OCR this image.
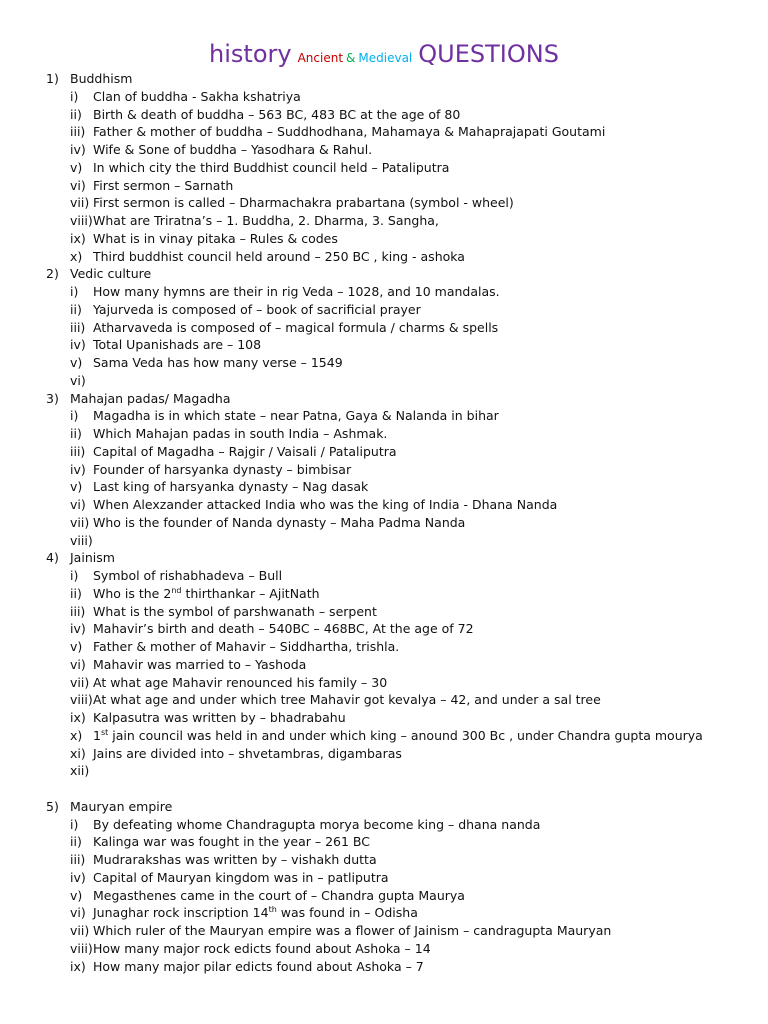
history Ancient & Medieval QUESTIONS
1) Buddhism
i) Clan of buddha - Sakha kshatriya
ii) Birth & death of buddha – 563 BC, 483 BC at the age of 80
iii) Father & mother of buddha – Suddhodhana, Mahamaya & Mahaprajapati Goutami
iv) Wife & Sone of buddha – Yasodhara & Rahul.
v) In which city the third Buddhist council held – Pataliputra
vi) First sermon – Sarnath
vii) First sermon is called – Dharmachakra prabartana (symbol - wheel)
viii) What are Triratna’s – 1. Buddha, 2. Dharma, 3. Sangha,
ix) What is in vinay pitaka – Rules & codes
x) Third buddhist council held around – 250 BC , king - ashoka
2) Vedic culture
i) How many hymns are their in rig Veda – 1028, and 10 mandalas.
ii) Yajurveda is composed of – book of sacrificial prayer
iii) Atharvaveda is composed of – magical formula / charms & spells
iv) Total Upanishads are – 108
v) Sama Veda has how many verse – 1549
vi)
3) Mahajan padas/ Magadha
i) Magadha is in which state – near Patna, Gaya & Nalanda in bihar
ii) Which Mahajan padas in south India – Ashmak.
iii) Capital of Magadha – Rajgir / Vaisali / Pataliputra
iv) Founder of harsyanka dynasty – bimbisar
v) Last king of harsyanka dynasty – Nag dasak
vi) When Alexzander attacked India who was the king of India - Dhana Nanda
vii) Who is the founder of Nanda dynasty – Maha Padma Nanda
viii)
4) Jainism
i) Symbol of rishabhadeva – Bull
ii) Who is the 2nd thirthankar – AjitNath
iii) What is the symbol of parshwanath – serpent
iv) Mahavir’s birth and death – 540BC – 468BC, At the age of 72
v) Father & mother of Mahavir – Siddhartha, trishla.
vi) Mahavir was married to – Yashoda
vii) At what age Mahavir renounced his family – 30
viii) At what age and under which tree Mahavir got kevalya – 42, and under a sal tree
ix) Kalpasutra was written by – bhadrabahu
x) 1st jain council was held in and under which king – anound 300 Bc , under Chandra gupta mourya
xi) Jains are divided into – shvetambras, digambaras
xii)
5) Mauryan empire
i) By defeating whome Chandragupta morya become king – dhana nanda
ii) Kalinga war was fought in the year – 261 BC
iii) Mudrarakshas was written by – vishakh dutta
iv) Capital of Mauryan kingdom was in – patliputra
v) Megasthenes came in the court of – Chandra gupta Maurya
vi) Junaghar rock inscription 14th was found in – Odisha
vii) Which ruler of the Mauryan empire was a flower of Jainism – candragupta Mauryan
viii) How many major rock edicts found about Ashoka – 14
ix) How many major pilar edicts found about Ashoka – 7
